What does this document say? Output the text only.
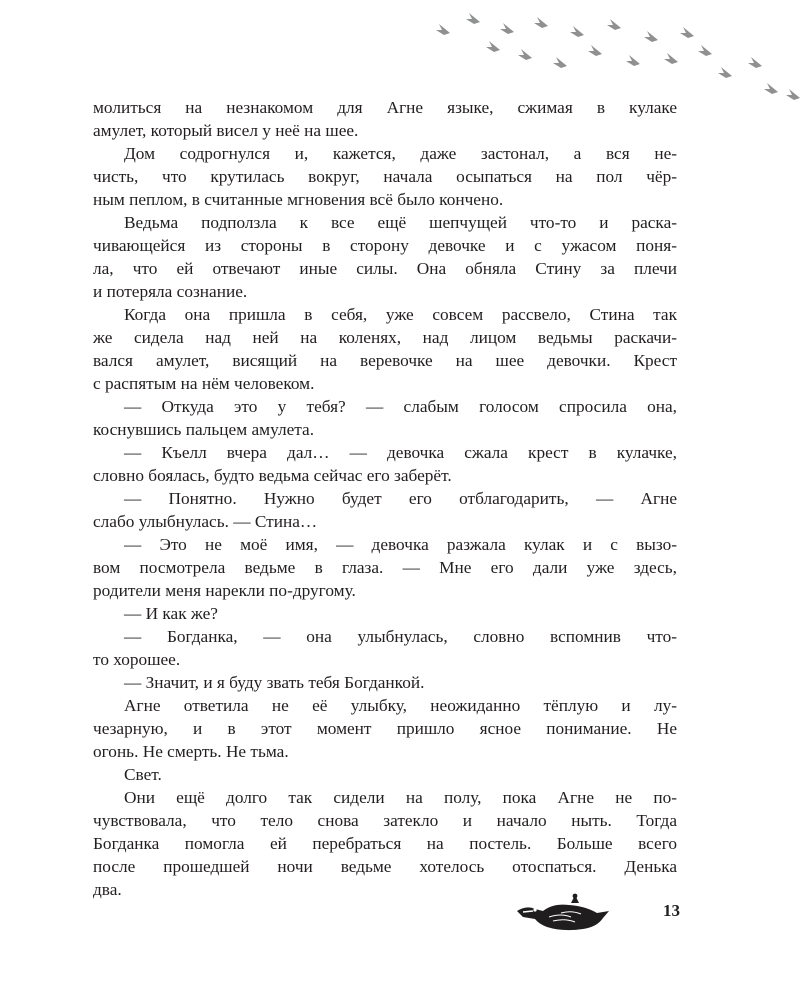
молиться на незнакомом для Агне языке, сжимая в кулаке
амулет, который висел у неё на шее.
Дом содрогнулся и, кажется, даже застонал, а вся не-
чисть, что крутилась вокруг, начала осыпаться на пол чёр-
ным пеплом, в считанные мгновения всё было кончено.
Ведьма подползла к все ещё шепчущей что-то и раска-
чивающейся из стороны в сторону девочке и с ужасом поня-
ла, что ей отвечают иные силы. Она обняла Стину за плечи
и потеряла сознание.
Когда она пришла в себя, уже совсем рассвело, Стина так
же сидела над ней на коленях, над лицом ведьмы раскачи-
вался амулет, висящий на веревочке на шее девочки. Крест
с распятым на нём человеком.
— Откуда это у тебя? — слабым голосом спросила она,
коснувшись пальцем амулета.
— Къелл вчера дал… — девочка сжала крест в кулачке,
словно боялась, будто ведьма сейчас его заберёт.
— Понятно. Нужно будет его отблагодарить, — Агне
слабо улыбнулась. — Стина…
— Это не моё имя, — девочка разжала кулак и с вызо-
вом посмотрела ведьме в глаза. — Мне его дали уже здесь,
родители меня нарекли по-другому.
— И как же?
— Богданка, — она улыбнулась, словно вспомнив что-
то хорошее.
— Значит, и я буду звать тебя Богданкой.
Агне ответила не её улыбку, неожиданно тёплую и лу-
чезарную, и в этот момент пришло ясное понимание. Не
огонь. Не смерть. Не тьма.
Свет.
Они ещё долго так сидели на полу, пока Агне не по-
чувствовала, что тело снова затекло и начало ныть. Тогда
Богданка помогла ей перебраться на постель. Больше всего
после прошедшей ночи ведьме хотелось отоспаться. Денька
два.
13
